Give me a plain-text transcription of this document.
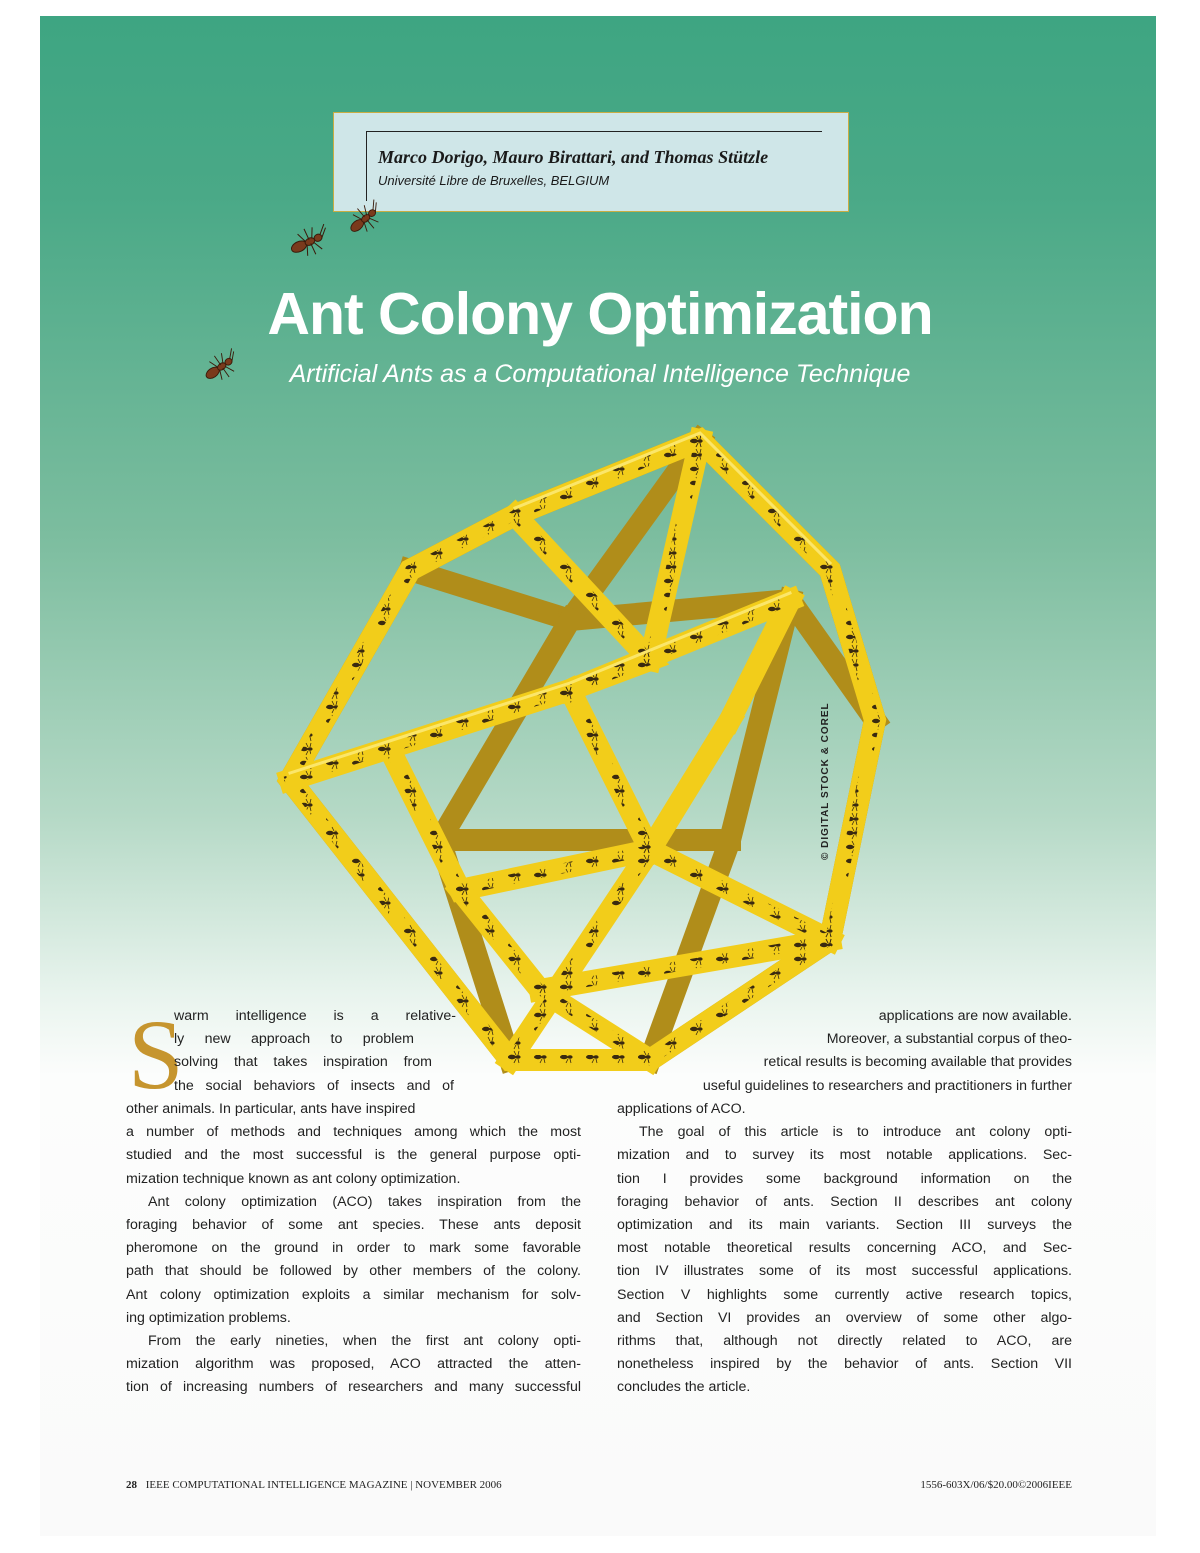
Marco Dorigo, Mauro Birattari, and Thomas Stützle
Université Libre de Bruxelles, BELGIUM
Ant Colony Optimization
Artificial Ants as a Computational Intelligence Technique
© DIGITAL STOCK & COREL
S
warm intelligence is a relative-
ly new approach to problem
solving that takes inspiration from
the social behaviors of insects and of
other animals. In particular, ants have inspired
a number of methods and techniques among which the most
studied and the most successful is the general purpose opti-
mization technique known as ant colony optimization.
Ant colony optimization (ACO) takes inspiration from the
foraging behavior of some ant species. These ants deposit
pheromone on the ground in order to mark some favorable
path that should be followed by other members of the colony.
Ant colony optimization exploits a similar mechanism for solv-
ing optimization problems.
From the early nineties, when the first ant colony opti-
mization algorithm was proposed, ACO attracted the atten-
tion of increasing numbers of researchers and many successful
applications are now available.
Moreover, a substantial corpus of theo-
retical results is becoming available that provides
useful guidelines to researchers and practitioners in further
applications of ACO.
The goal of this article is to introduce ant colony opti-
mization and to survey its most notable applications. Sec-
tion I provides some background information on the
foraging behavior of ants. Section II describes ant colony
optimization and its main variants. Section III surveys the
most notable theoretical results concerning ACO, and Sec-
tion IV illustrates some of its most successful applications.
Section V highlights some currently active research topics,
and Section VI provides an overview of some other algo-
rithms that, although not directly related to ACO, are
nonetheless inspired by the behavior of ants. Section VII
concludes the article.
28 IEEE COMPUTATIONAL INTELLIGENCE MAGAZINE | NOVEMBER 2006	1556-603X/06/$20.00©2006IEEE
